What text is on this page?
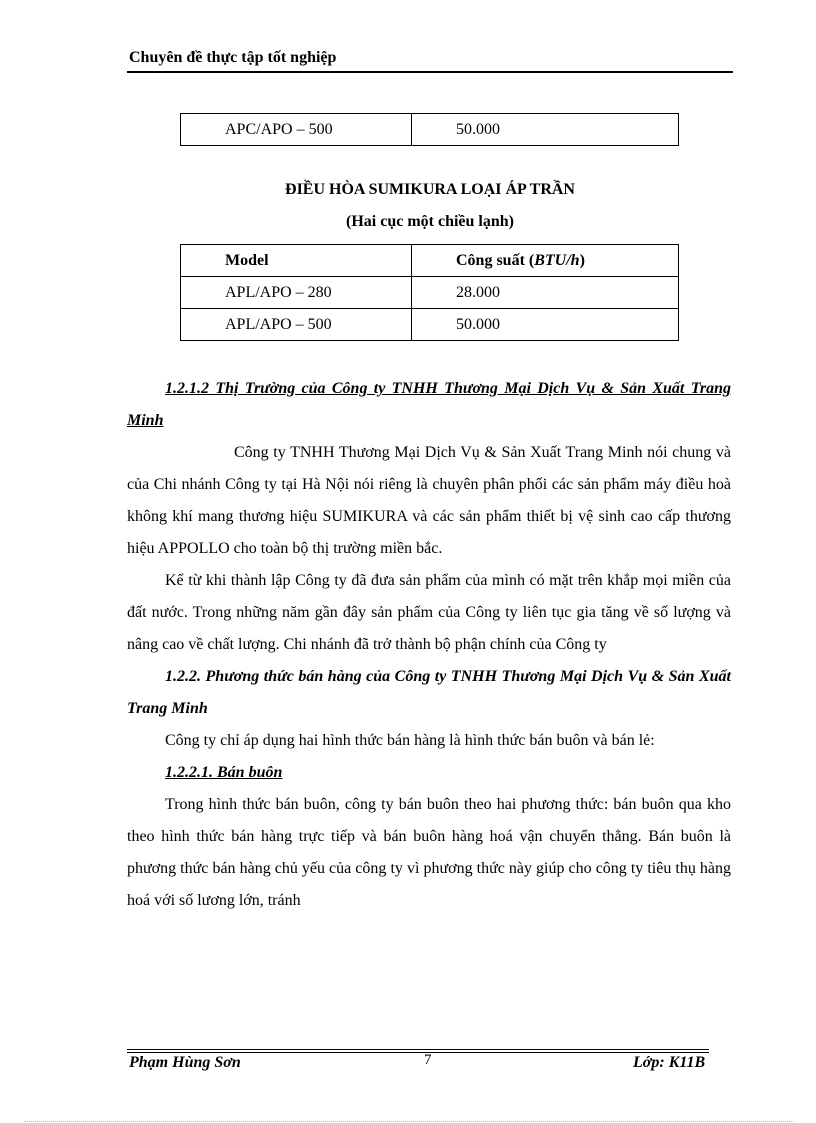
Chuyên đề thực tập tốt nghiệp
APC/APO – 500	50.000
ĐIỀU HÒA SUMIKURA LOẠI ÁP TRẦN
(Hai cục một chiều lạnh)
Model	Công suất (BTU/h)
APL/APO – 280	28.000
APL/APO – 500	50.000

1.2.1.2 Thị Trường của Công ty TNHH Thương Mại Dịch Vụ & Sản Xuất Trang Minh

Công ty TNHH Thương Mại Dịch Vụ & Sản Xuất Trang Minh nói chung và của Chi nhánh Công ty tại Hà Nội nói riêng là chuyên phân phối các sản phẩm máy điều hoà không khí mang thương hiệu SUMIKURA và các sản phẩm thiết bị vệ sinh cao cấp thương hiệu APPOLLO cho toàn bộ thị trường miền bắc.

Kể từ khi thành lập Công ty đã đưa sản phẩm của mình có mặt trên khắp mọi miền của đất nước. Trong những năm gần đây sản phẩm của Công ty liên tục gia tăng về số lượng và nâng cao về chất lượng. Chi nhánh đã trở thành bộ phận chính của Công ty

1.2.2. Phương thức bán hàng của Công ty TNHH Thương Mại Dịch Vụ & Sản Xuất Trang Minh

Công ty chỉ áp dụng hai hình thức bán hàng là hình thức bán buôn và bán lẻ:

1.2.2.1. Bán buôn

Trong hình thức bán buôn, công ty bán buôn theo hai phương thức: bán buôn qua kho theo hình thức bán hàng trực tiếp và bán buôn hàng hoá vận chuyển thẳng. Bán buôn là phương thức bán hàng chủ yếu của công ty vì phương thức này giúp cho công ty tiêu thụ hàng hoá với số lương lớn, tránh

Phạm Hùng Sơn	7	Lớp: K11B
